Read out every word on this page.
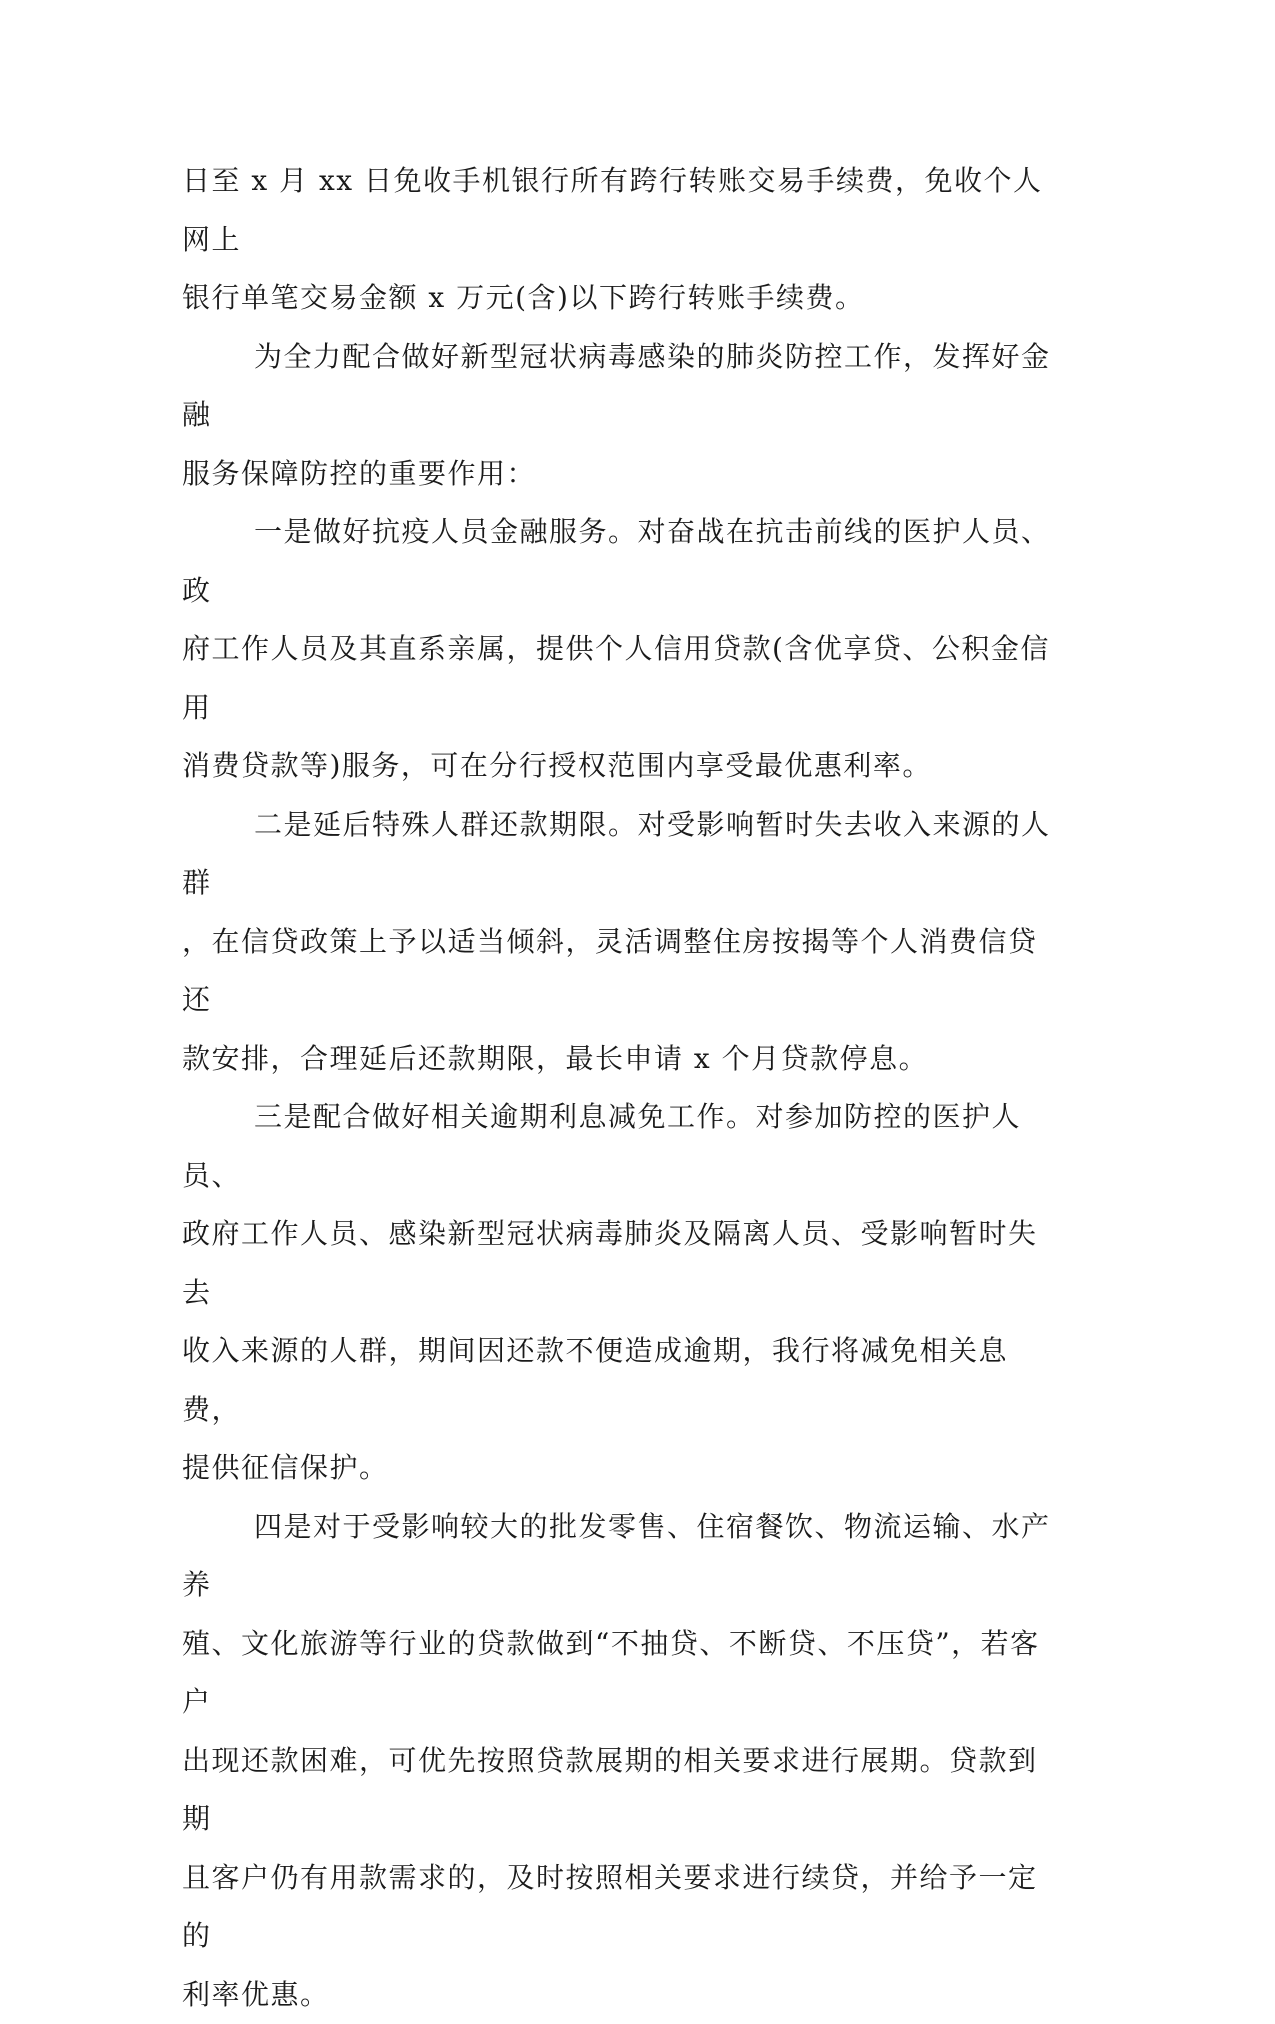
日至 x 月 xx 日免收手机银行所有跨行转账交易手续费，免收个人网上
银行单笔交易金额 x 万元(含)以下跨行转账手续费。

为全力配合做好新型冠状病毒感染的肺炎防控工作，发挥好金融
服务保障防控的重要作用：

一是做好抗疫人员金融服务。对奋战在抗击前线的医护人员、政
府工作人员及其直系亲属，提供个人信用贷款(含优享贷、公积金信用
消费贷款等)服务，可在分行授权范围内享受最优惠利率。

二是延后特殊人群还款期限。对受影响暂时失去收入来源的人群
，在信贷政策上予以适当倾斜，灵活调整住房按揭等个人消费信贷还
款安排，合理延后还款期限，最长申请 x 个月贷款停息。

三是配合做好相关逾期利息减免工作。对参加防控的医护人员、
政府工作人员、感染新型冠状病毒肺炎及隔离人员、受影响暂时失去
收入来源的人群，期间因还款不便造成逾期，我行将减免相关息费，
提供征信保护。

四是对于受影响较大的批发零售、住宿餐饮、物流运输、水产养
殖、文化旅游等行业的贷款做到“不抽贷、不断贷、不压贷”，若客户
出现还款困难，可优先按照贷款展期的相关要求进行展期。贷款到期
且客户仍有用款需求的，及时按照相关要求进行续贷，并给予一定的
利率优惠。
